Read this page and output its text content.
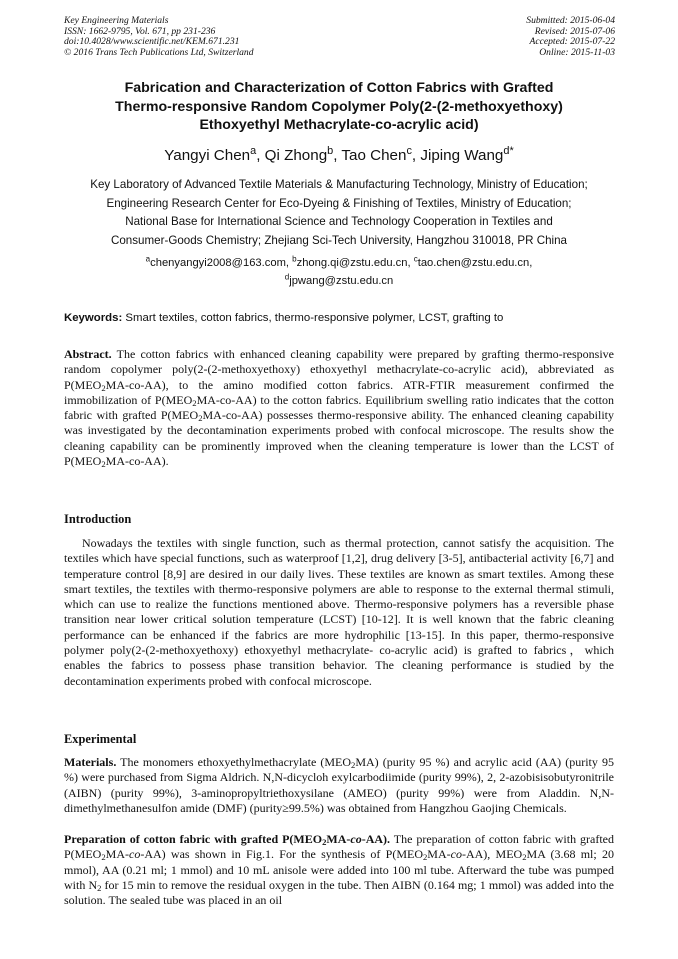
Key Engineering Materials
ISSN: 1662-9795, Vol. 671, pp 231-236
doi:10.4028/www.scientific.net/KEM.671.231
© 2016 Trans Tech Publications Ltd, Switzerland
Submitted: 2015-06-04
Revised: 2015-07-06
Accepted: 2015-07-22
Online: 2015-11-03
Fabrication and Characterization of Cotton Fabrics with Grafted
Thermo-responsive Random Copolymer Poly(2-(2-methoxyethoxy)
Ethoxyethyl Methacrylate-co-acrylic acid)
Yangyi Chen$^a$, Qi Zhong$^b$, Tao Chen$^c$, Jiping Wang$^{d*}$
Key Laboratory of Advanced Textile Materials & Manufacturing Technology, Ministry of Education;
Engineering Research Center for Eco-Dyeing & Finishing of Textiles, Ministry of Education;
National Base for International Science and Technology Cooperation in Textiles and
Consumer-Goods Chemistry; Zhejiang Sci-Tech University, Hangzhou 310018, PR China
$^a$chenyangyi2008@163.com, $^b$zhong.qi@zstu.edu.cn, $^c$tao.chen@zstu.edu.cn,
$^d$jpwang@zstu.edu.cn
Keywords: Smart textiles, cotton fabrics, thermo-responsive polymer, LCST, grafting to

Abstract. The cotton fabrics with enhanced cleaning capability were prepared by grafting thermo-responsive random copolymer poly(2-(2-methoxyethoxy) ethoxyethyl methacrylate-co-acrylic acid), abbreviated as $P(MEO_2MA-co-AA)$, to the amino modified cotton fabrics. ATR-FTIR measurement confirmed the immobilization of $P(MEO_2MA-co-AA)$ to the cotton fabrics. Equilibrium swelling ratio indicates that the cotton fabric with grafted $P(MEO_2MA-co-AA)$ possesses thermo-responsive ability. The enhanced cleaning capability was investigated by the decontamination experiments probed with confocal microscope. The results show the cleaning capability can be prominently improved when the cleaning temperature is lower than the LCST of $P(MEO_2MA-co-AA)$.

Introduction

Nowadays the textiles with single function, such as thermal protection, cannot satisfy the acquisition. The textiles which have special functions, such as waterproof [1,2], drug delivery [3-5], antibacterial activity [6,7] and temperature control [8,9] are desired in our daily lives. These textiles are known as smart textiles. Among these smart textiles, the textiles with thermo-responsive polymers are able to response to the external thermal stimuli, which can use to realize the functions mentioned above. Thermo-responsive polymers has a reversible phase transition near lower critical solution temperature (LCST) [10-12]. It is well known that the fabric cleaning performance can be enhanced if the fabrics are more hydrophilic [13-15]. In this paper, thermo-responsive polymer poly(2-(2-methoxyethoxy) ethoxyethyl methacrylate- co-acrylic acid) is grafted to fabrics，which enables the fabrics to possess phase transition behavior. The cleaning performance is studied by the decontamination experiments probed with confocal microscope.

Experimental

Materials. The monomers ethoxyethylmethacrylate $(MEO_2MA)$ (purity 95 %) and acrylic acid (AA) (purity 95 %) were purchased from Sigma Aldrich. N,N-dicycloh exylcarbodiimide (purity 99%), 2, 2-azobisisobutyronitrile (AIBN) (purity 99%), 3-aminopropyltriethoxysilane (AMEO) (purity 99%) were from Aladdin. N,N- dimethylmethanesulfon amide (DMF) (purity≥99.5%) was obtained from Hangzhou Gaojing Chemicals.

Preparation of cotton fabric with grafted $P(MEO_2MA-co-AA)$. The preparation of cotton fabric with grafted $P(MEO_2MA-co-AA)$ was shown in Fig.1. For the synthesis of $P(MEO_2MA-co-AA)$, $MEO_2MA$ (3.68 ml; 20 mmol), AA (0.21 ml; 1 mmol) and 10 mL anisole were added into 100 ml tube. Afterward the tube was pumped with $N_2$ for 15 min to remove the residual oxygen in the tube. Then AIBN (0.164 mg; 1 mmol) was added into the solution. The sealed tube was placed in an oil
